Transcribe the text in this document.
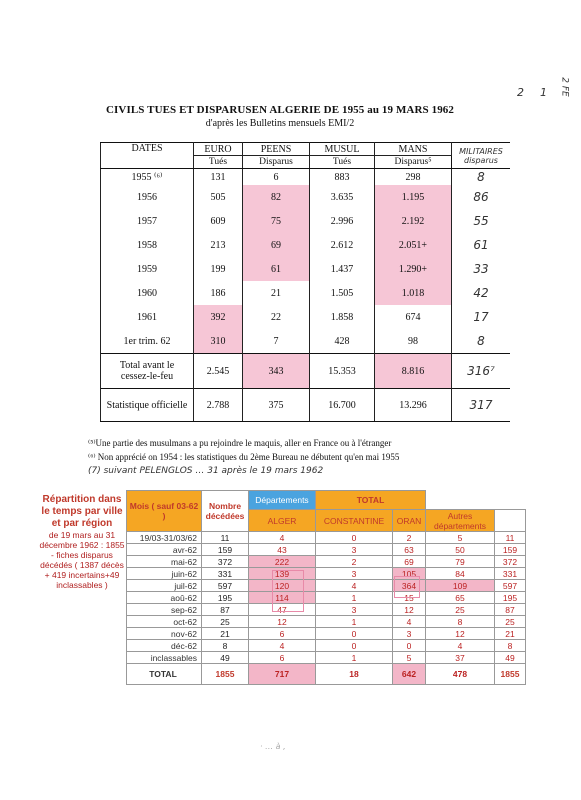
2 1 2 FE
CIVILS TUES ET DISPARUSEN ALGERIE DE 1955 au 19 MARS 1962
d'après les Bulletins mensuels EMI/2
DATES	EURO	PEENS	MUSUL	MANS	MILITAIRES disparus
	Tués	Disparus	Tués	Disparus⁵	
1955 ⁽⁶⁾	131	6	883	298	8
1956	505	82	3.635	1.195	86
1957	609	75	2.996	2.192	55
1958	213	69	2.612	2.051+	61
1959	199	61	1.437	1.290+	33
1960	186	21	1.505	1.018	42
1961	392	22	1.858	674	17
1er trim. 62	310	7	428	98	8
Total avant le cessez-le-feu	2.545	343	15.353	8.816	316⁷
Statistique officielle	2.788	375	16.700	13.296	317
⁽⁵⁾Une partie des musulmans a pu rejoindre le maquis, aller en France ou à l'étranger
⁽⁶⁾ Non apprécié on 1954 : les statistiques du 2ème Bureau ne débutent qu'en mai 1955
(7) suivant PELENGLOS … 31 après le 19 mars 1962
Répartition dans le temps par ville et par région
de 19 mars au 31 décembre 1962 : 1855 - fiches disparus décédés ( 1387 décès + 419 incertains+49 inclassables )
Mois ( sauf 03-62 )	Nombre décédées	Départements	TOTAL			
		ALGER	CONSTANTINE	ORAN	Autres départements	
19/03-31/03/62	11	4	0	2	5	11
avr-62	159	43	3	63	50	159
mai-62	372	222	2	69	79	372
juin-62	331	139	3	105	84	331
juil-62	597	120	4	364	109	597
aoû-62	195	114	1	15	65	195
sep-62	87	47	3	12	25	87
oct-62	25	12	1	4	8	25
nov-62	21	6	0	3	12	21
déc-62	8	4	0	0	4	8
inclassables	49	6	1	5	37	49
TOTAL	1855	717	18	642	478	1855
· … à ,
